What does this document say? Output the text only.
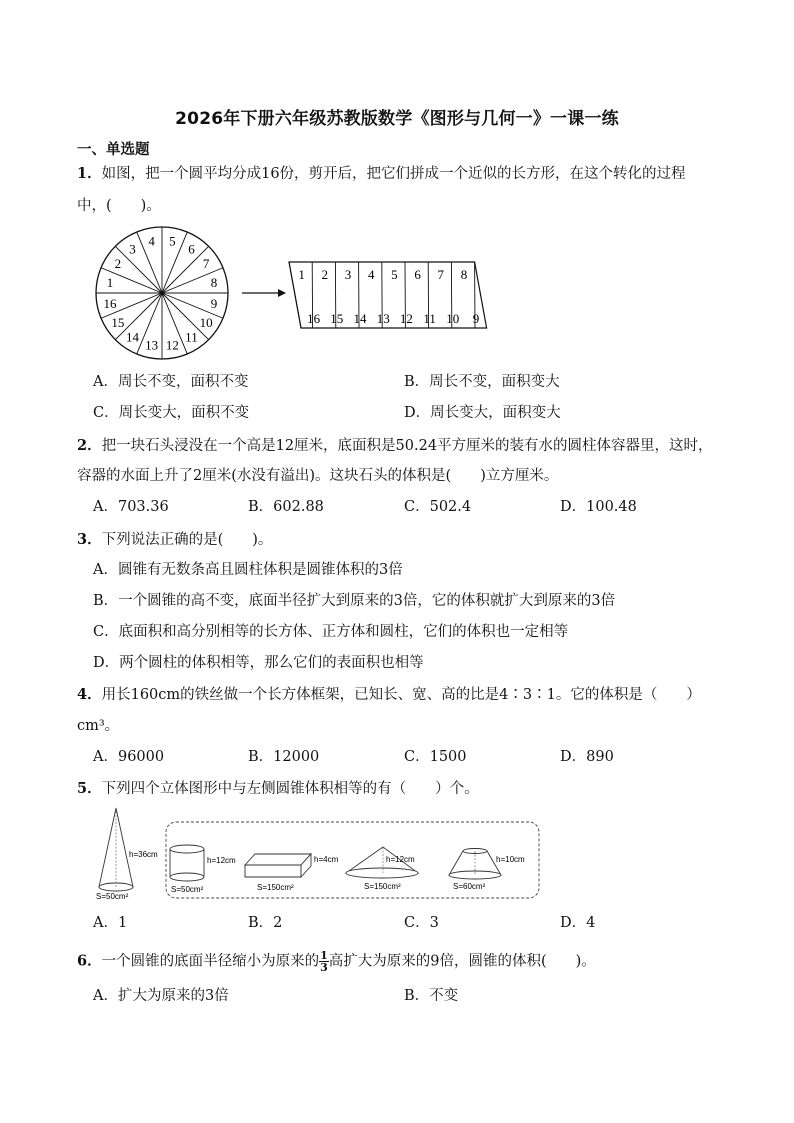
2026年下册六年级苏教版数学《图形与几何一》一课一练
一、单选题
1．如图，把一个圆平均分成16份，剪开后，把它们拼成一个近似的长方形，在这个转化的过程
中，(　　)。
1
2
3
4 5
6
7
8
9
10
11
12
13
14
15
16
1
16
2
15
3
14
4
13
5
12
6
11
7
10
8
9
A．周长不变，面积不变	B．周长不变，面积变大
C．周长变大，面积不变	D．周长变大，面积变大
2．把一块石头浸没在一个高是12厘米，底面积是50.24平方厘米的装有水的圆柱体容器里，这时，
容器的水面上升了2厘米(水没有溢出)。这块石头的体积是(　　)立方厘米。
A．703.36	B．602.88	C．502.4	D．100.48
3．下列说法正确的是(　　)。
A．圆锥有无数条高且圆柱体积是圆锥体积的3倍
B．一个圆锥的高不变，底面半径扩大到原来的3倍，它的体积就扩大到原来的3倍
C．底面积和高分别相等的长方体、正方体和圆柱，它们的体积也一定相等
D．两个圆柱的体积相等，那么它们的表面积也相等
4．用长160cm的铁丝做一个长方体框架，已知长、宽、高的比是4∶3∶1。它的体积是（　　）
cm³。
A．96000	B．12000	C．1500	D．890
5．下列四个立体图形中与左侧圆锥体积相等的有（　　）个。
h=36cm
S=50cm²
h=12cm
S=50cm²
h=4cm
S=150cm²
h=12cm
S=150cm²
h=10cm
S=60cm²
A．1	B．2	C．3	D．4
6．一个圆锥的底面半径缩小为原来的 $\frac{1}{3}$ 高扩大为原来的9倍，圆锥的体积(　　)。
A．扩大为原来的3倍	B．不变
